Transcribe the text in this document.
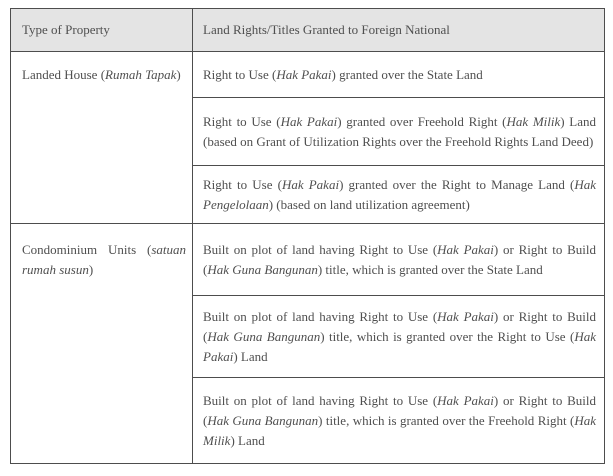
Type of Property	Land Rights/Titles Granted to Foreign National

Landed House (Rumah Tapak)	Right to Use (Hak Pakai) granted over the State Land

Right to Use (Hak Pakai) granted over Freehold Right (Hak Milik) Land (based on Grant of Utilization Rights over the Freehold Rights Land Deed)

Right to Use (Hak Pakai) granted over the Right to Manage Land (Hak Pengelolaan) (based on land utilization agreement)

Condominium Units (satuan rumah susun)

Built on plot of land having Right to Use (Hak Pakai) or Right to Build (Hak Guna Bangunan) title, which is granted over the State Land

Built on plot of land having Right to Use (Hak Pakai) or Right to Build (Hak Guna Bangunan) title, which is granted over the Right to Use (Hak Pakai) Land

Built on plot of land having Right to Use (Hak Pakai) or Right to Build (Hak Guna Bangunan) title, which is granted over the Freehold Right (Hak Milik) Land
